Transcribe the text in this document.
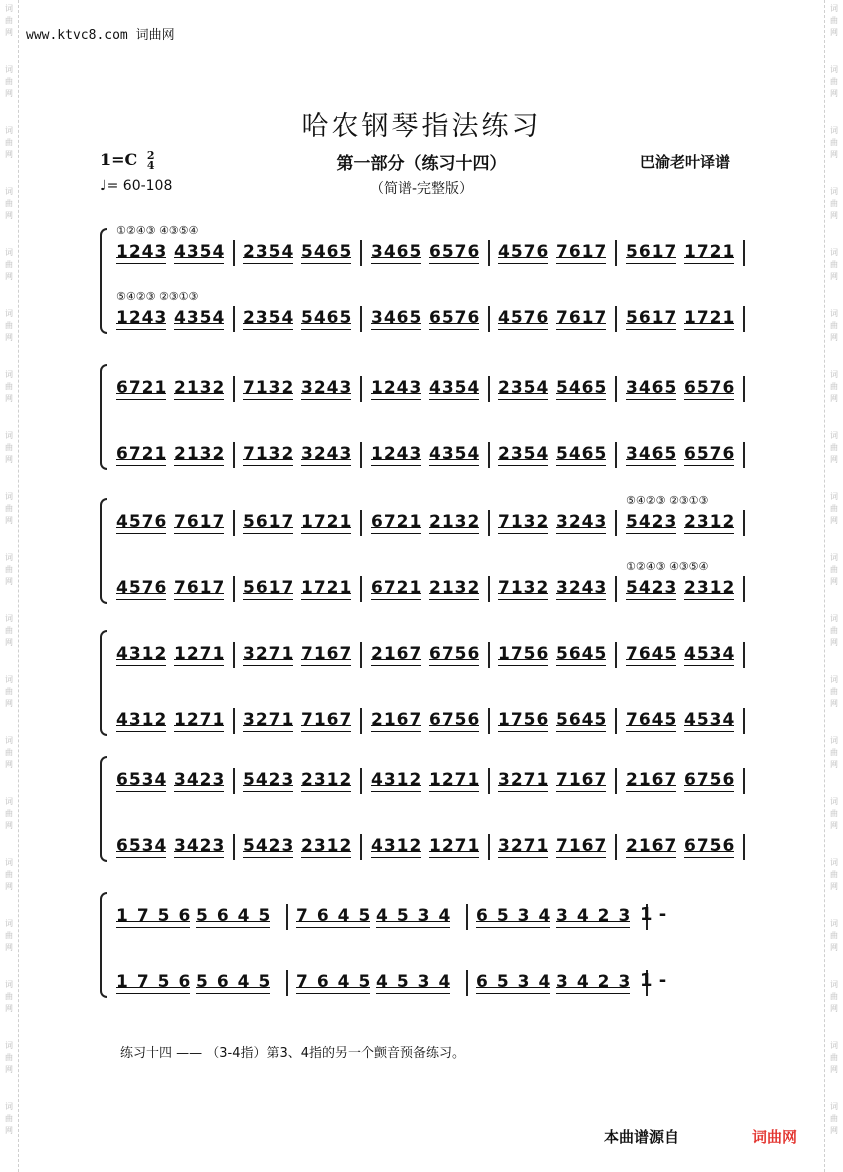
词
曲
网
词
曲
网
词
曲
网
词
曲
网
词
曲
网
词
曲
网
词
曲
网
词
曲
网
词
曲
网
词
曲
网
词
曲
网
词
曲
网
词
曲
网
词
曲
网
词
曲
网
词
曲
网
词
曲
网
词
曲
网
词
曲
网
词
曲
网
词
曲
网
词
曲
网
词
曲
网
词
曲
网
词
曲
网
词
曲
网
词
曲
网
词
曲
网
词
曲
网
词
曲
网
词
曲
网
词
曲
网
词
曲
网
词
曲
网
词
曲
网
词
曲
网
词
曲
网
词
曲
网
www.ktvc8.com 词曲网
哈农钢琴指法练习
1=C 2
4
♩= 60-108
第一部分（练习十四）
（简谱-完整版）
巴渝老叶译谱
1243 4354 2354 5465 3465 6576 4576 7617 5617 1721
1243 4354 2354 5465 3465 6576 4576 7617 5617 1721
①②④③ ④③⑤④
⑤④②③ ②③①③
6721 2132 7132 3243 1243 4354 2354 5465 3465 6576
6721 2132 7132 3243 1243 4354 2354 5465 3465 6576
4576 7617 5617 1721 6721 2132 7132 3243 5423 2312
4576 7617 5617 1721 6721 2132 7132 3243 5423 2312
⑤④②③ ②③①③
①②④③ ④③⑤④
4312 1271 3271 7167 2167 6756 1756 5645 7645 4534
4312 1271 3271 7167 2167 6756 1756 5645 7645 4534
6534 3423 5423 2312 4312 1271 3271 7167 2167 6756
6534 3423 5423 2312 4312 1271 3271 7167 2167 6756
1756
5645 7645
4534 6534
3423 1 -
1756
5645 7645
4534 6534
3423 1 -
练习十四 —— （3-4指）第3、4指的另一个颤音预备练习。
本曲谱源自	词曲网
